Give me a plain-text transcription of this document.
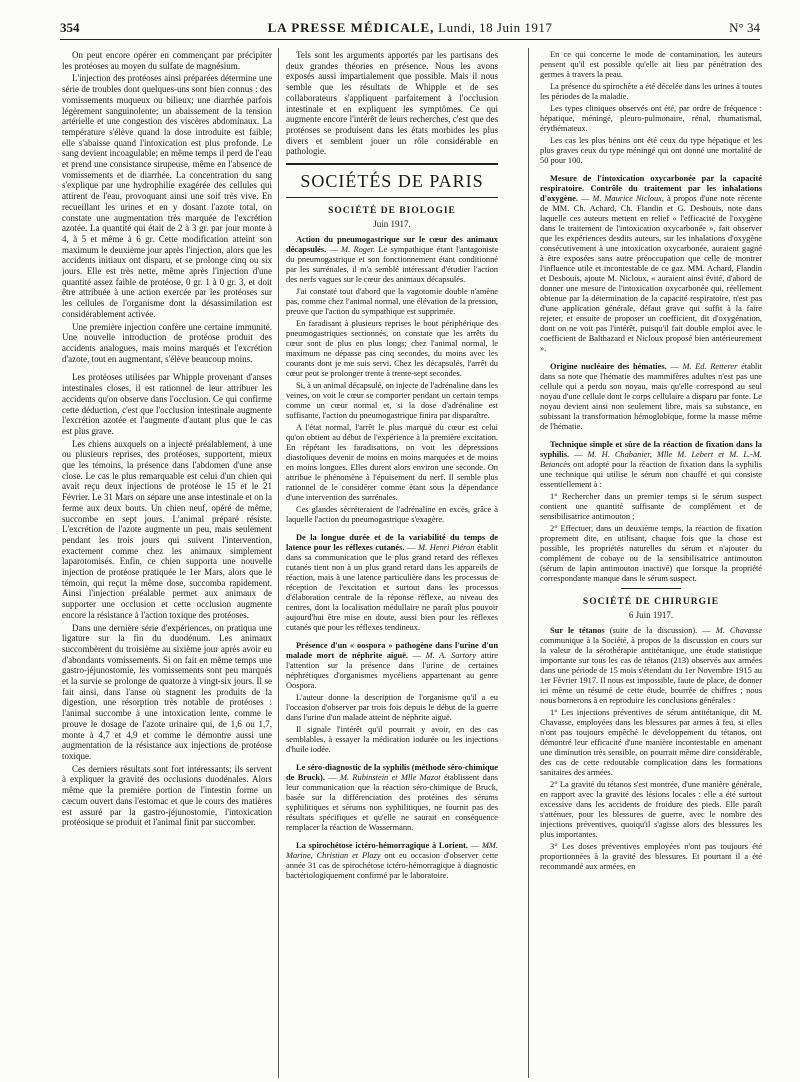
354	LA PRESSE MÉDICALE, Lundi, 18 Juin 1917	N° 34

On peut encore opérer en commençant par précipiter les protéoses au moyen du sulfate de magnésium.

L'injection des protéoses ainsi préparées détermine une série de troubles dont quelques-uns sont bien connus : des vomissements muqueux ou bilieux; une diarrhée parfois légèrement sanguinolente; un abaissement de la tension artérielle et une congestion des viscères abdominaux. La température s'élève quand la dose introduite est faible; elle s'abaisse quand l'intoxication est plus profonde. Le sang devient incoagulable; en même temps il perd de l'eau et prend une consistance sirupeuse, même en l'absence de vomissements et de diarrhée. La concentration du sang s'explique par une hydrophilie exagérée des cellules qui attirent de l'eau, provoquant ainsi une soif très vive. En recueillant les urines et en y dosant l'azote total, on constate une augmentation très marquée de l'excrétion azotée. La quantité qui était de 2 à 3 gr. par jour monte à 4, à 5 et même à 6 gr. Cette modification atteint son maximum le deuxième jour après l'injection, alors que les accidents initiaux ont disparu, et se prolonge cinq ou six jours. Elle est très nette, même après l'injection d'une quantité assez faible de protéose, 0 gr. 1 à 0 gr. 3, et doit être attribuée à une action exercée par les protéoses sur les cellules de l'organisme dont la désassimilation est considérablement activée.

Une première injection confère une certaine immunité. Une nouvelle introduction de protéose produit des accidents analogues, mais moins marqués et l'excrétion d'azote, tout en augmentant, s'élève beaucoup moins.

Les protéoses utilisées par Whipple provenant d'anses intestinales closes, il est rationnel de leur attribuer les accidents qu'on observe dans l'occlusion. Ce qui confirme cette déduction, c'est que l'occlusion intestinale augmente l'excrétion azotée et l'augmente d'autant plus que le cas est plus grave.

Les chiens auxquels on a injecté préalablement, à une ou plusieurs reprises, des protéoses, supportent, mieux que les témoins, la présence dans l'abdomen d'une anse close. Le cas le plus remarquable est celui d'un chien qui avait reçu deux injections de protéose le 15 et le 21 Février. Le 31 Mars on sépare une anse intestinale et on la ferme aux deux bouts. Un chien neuf, opéré de même, succombe en sept jours. L'animal préparé résiste. L'excrétion de l'azote augmente un peu, mais seulement pendant les trois jours qui suivent l'intervention, exactement comme chez les animaux simplement laparotomisés. Enfin, ce chien supporta une nouvelle injection de protéose pratiquée le 1er Mars, alors que le témoin, qui reçut la même dose, succomba rapidement. Ainsi l'injection préalable permet aux animaux de supporter une occlusion et cette occlusion augmente encore la résistance à l'action toxique des protéoses.

Dans une dernière série d'expériences, on pratiqua une ligature sur la fin du duodénum. Les animaux succombèrent du troisième au sixième jour après avoir eu d'abondants vomissements. Si on fait en même temps une gastro-jéjunostomie, les vomissements sont peu marqués et la survie se prolonge de quatorze à vingt-six jours. Il se fait ainsi, dans l'anse où stagnent les produits de la digestion, une résorption très notable de protéoses : l'animal succombe à une intoxication lente, comme le prouve le dosage de l'azote urinaire qui, de 1,6 ou 1,7, monte à 4,7 et 4,9 et comme le démontre aussi une augmentation de la résistance aux injections de protéose toxique.

Ces derniers résultats sont fort intéressants; ils servent à expliquer la gravité des occlusions duodénales. Alors même que la première portion de l'intestin forme un cæcum ouvert dans l'estomac et que le cours des matières est assuré par la gastro-jéjunostomie, l'intoxication protéosique se produit et l'animal finit par succomber.

Tels sont les arguments apportés par les partisans des deux grandes théories en présence. Nous les avons exposés aussi impartialement que possible. Mais il nous semble que les résultats de Whipple et de ses collaborateurs s'appliquent parfaitement à l'occlusion intestinale et en expliquent les symptômes. Ce qui augmente encore l'intérêt de leurs recherches, c'est que des protéoses se produisent dans les états morbides les plus divers et semblent jouer un rôle considérable en pathologie.

SOCIÉTÉS DE PARIS
SOCIÉTÉ DE BIOLOGIE
Juin 1917.

Action du pneumogastrique sur le cœur des animaux décapsulés. — M. Roger. Le sympathique étant l'antagoniste du pneumogastrique et son fonctionnement étant conditionné par les surrénales, il m'a semblé intéressant d'étudier l'action des nerfs vagues sur le cœur des animaux décapsulés.

J'ai constaté tout d'abord que la vagotomie double n'amène pas, comme chez l'animal normal, une élévation de la pression, preuve que l'action du sympathique est supprimée.

En faradisant à plusieurs reprises le bout périphérique des pneumogastriques sectionnés, on constate que les arrêts du cœur sont de plus en plus longs; chez l'animal normal, le maximum ne dépasse pas cinq secondes, du moins avec les courants dont je me suis servi. Chez les décapsulés, l'arrêt du cœur peut se prolonger trente à trente-sept secondes.

Si, à un animal décapsulé, on injecte de l'adrénaline dans les veines, on voit le cœur se comporter pendant un certain temps comme un cœur normal et, si la dose d'adrénaline est suffisante, l'action du pneumogastrique finira par disparaître.

A l'état normal, l'arrêt le plus marqué du cœur est celui qu'on obtient au début de l'expérience à la première excitation. En répétant les faradisations, on voit les dépressions diastoliques devenir de moins en moins marquées et de moins en moins longues. Elles durent alors environ une seconde. On attribue le phénomène à l'épuisement du nerf. Il semble plus rationnel de le considérer comme étant sous la dépendance d'une intervention des surrénales.

Ces glandes sécréteraient de l'adrénaline en excès, grâce à laquelle l'action du pneumogastrique s'exagère.

De la longue durée et de la variabilité du temps de latence pour les réflexes cutanés. — M. Henri Piéron établit dans sa communication que le plus grand retard des réflexes cutanés tient non à un plus grand retard dans les appareils de réaction, mais à une latence particulière dans les processus de réception de l'excitation et surtout dans les processus d'élaboration centrale de la réponse réflexe, au niveau des centres, dont la localisation médullaire ne paraît plus pouvoir aujourd'hui être mise en doute, aussi bien pour les réflexes cutanés que pour les réflexes tendineux.

Présence d'un « oospora » pathogène dans l'urine d'un malade mort de néphrite aiguë. — M. A. Sartory attire l'attention sur la présence dans l'urine de certaines néphrétiques d'organismes mycéliens appartenant au genre Oospora.

L'auteur donne la description de l'organisme qu'il a eu l'occasion d'observer par trois fois depuis le début de la guerre dans l'urine d'un malade atteint de néphrite aiguë.

Il signale l'intérêt qu'il pourrait y avoir, en des cas semblables, à essayer la médication iodurée ou les injections d'huile iodée.

Le séro-diagnostic de la syphilis (méthode séro-chimique de Bruck). — M. Rubinstein et Mlle Mazot établissent dans leur communication que la réaction séro-chimique de Bruck, basée sur la différenciation des protéines des sérums syphilitiques et sérums non syphilitiques, ne fournit pas des résultats spécifiques et qu'elle ne saurait en conséquence remplacer la réaction de Wassermann.

La spirochétose ictéro-hémorragique à Lorient. — MM. Marine, Christian et Plazy ont eu occasion d'observer cette année 31 cas de spirochétose ictéro-hémorragique à diagnostic bactériologiquement confirmé par le laboratoire.

En ce qui concerne le mode de contamination, les auteurs pensent qu'il est possible qu'elle ait lieu par pénétration des germes à travers la peau.

La présence du spirochète a été décelée dans les urines à toutes les périodes de la maladie.

Les types cliniques observés ont été, par ordre de fréquence : hépatique, méningé, pleuro-pulmonaire, rénal, rhumatismal, érythémateux.

Les cas les plus bénins ont été ceux du type hépatique et les plus graves ceux du type méningé qui ont donné une mortalité de 50 pour 100.

Mesure de l'intoxication oxycarbonée par la capacité respiratoire. Contrôle du traitement par les inhalations d'oxygène. — M. Maurice Nicloux, à propos d'une note récente de MM. Ch. Achard, Ch. Flandin et G. Desbouis, note dans laquelle ces auteurs mettent en relief « l'efficacité de l'oxygène dans le traitement de l'intoxication oxycarbonée », fait observer que les expériences desdits auteurs, sur les inhalations d'oxygène consécutivement à une intoxication oxycarbonée, auraient gagné à être exposées sans autre préoccupation que celle de montrer l'influence utile et incontestable de ce gaz. MM. Achard, Flandin et Desbouis, ajoute M. Nicloux, « auraient ainsi évité, d'abord de donner une mesure de l'intoxication oxycarbonée qui, réellement obtenue par la détermination de la capacité respiratoire, n'est pas d'une application générale, défaut grave qui suffit à la faire rejeter, et ensuite de proposer un coefficient, dit d'oxygénation, dont on ne voit pas l'intérêt, puisqu'il fait double emploi avec le coefficient de Balthazard et Nicloux proposé bien antérieurement ».

Origine nucléaire des hématies. — M. Ed. Retterer établit dans sa note que l'hématie des mammifères adultes n'est pas une cellule qui a perdu son noyau, mais qu'elle correspond au seul noyau d'une cellule dont le corps cellulaire a disparu par fonte. Le noyau devient ainsi non seulement libre, mais sa substance, en subissant la transformation hémoglobique, forme la masse même de l'hématie.

Technique simple et sûre de la réaction de fixation dans la syphilis. — M. H. Chabanier, Mlle M. Lebert et M. L.-M. Betancès ont adopté pour la réaction de fixation dans la syphilis une technique qui utilise le sérum non chauffé et qui consiste essentiellement à :

1° Rechercher dans un premier temps si le sérum suspect contient une quantité suffisante de complément et de sensibilisatrice antimouton ;

2° Effectuer, dans un deuxième temps, la réaction de fixation proprement dite, en utilisant, chaque fois que la chose est possible, les propriétés naturelles du sérum et n'ajouter du complément de cobaye ou de la sensibilisatrice antimouton (sérum de lapin antimouton inactivé) que lorsque la propriété correspondante manque dans le sérum suspect.

SOCIÉTÉ DE CHIRURGIE
6 Juin 1917.

Sur le tétanos (suite de la discussion). — M. Chavasse communique à la Société, à propos de la discussion en cours sur la valeur de la sérothérapie antitétanique, une étude statistique importante sur tous les cas de tétanos (213) observés aux armées dans une période de 15 mois s'étendant du 1er Novembre 1915 au 1er Février 1917. Il nous est impossible, faute de place, de donner ici même un résumé de cette étude, bourrée de chiffres ; nous nous bornerons à en reproduire les conclusions générales :

1° Les injections préventives de sérum antitétanique, dit M. Chavasse, employées dans les blessures par armes à feu, si elles n'ont pas toujours empêché le développement du tétanos, ont démontré leur efficacité d'une manière incontestable en amenant une diminution très sensible, on pourrait même dire considérable, des cas de cette redoutable complication dans les formations sanitaires des armées.

2° La gravité du tétanos s'est montrée, d'une manière générale, en rapport avec la gravité des lésions locales : elle a été surtout excessive dans les accidents de froidure des pieds. Elle paraît s'atténuer, pour les blessures de guerre, avec le nombre des injections préventives, quoiqu'il s'agisse alors des blessures les plus importantes.

3° Les doses préventives employées n'ont pas toujours été proportionnées à la gravité des blessures. Et pourtant il a été recommandé aux armées, en
